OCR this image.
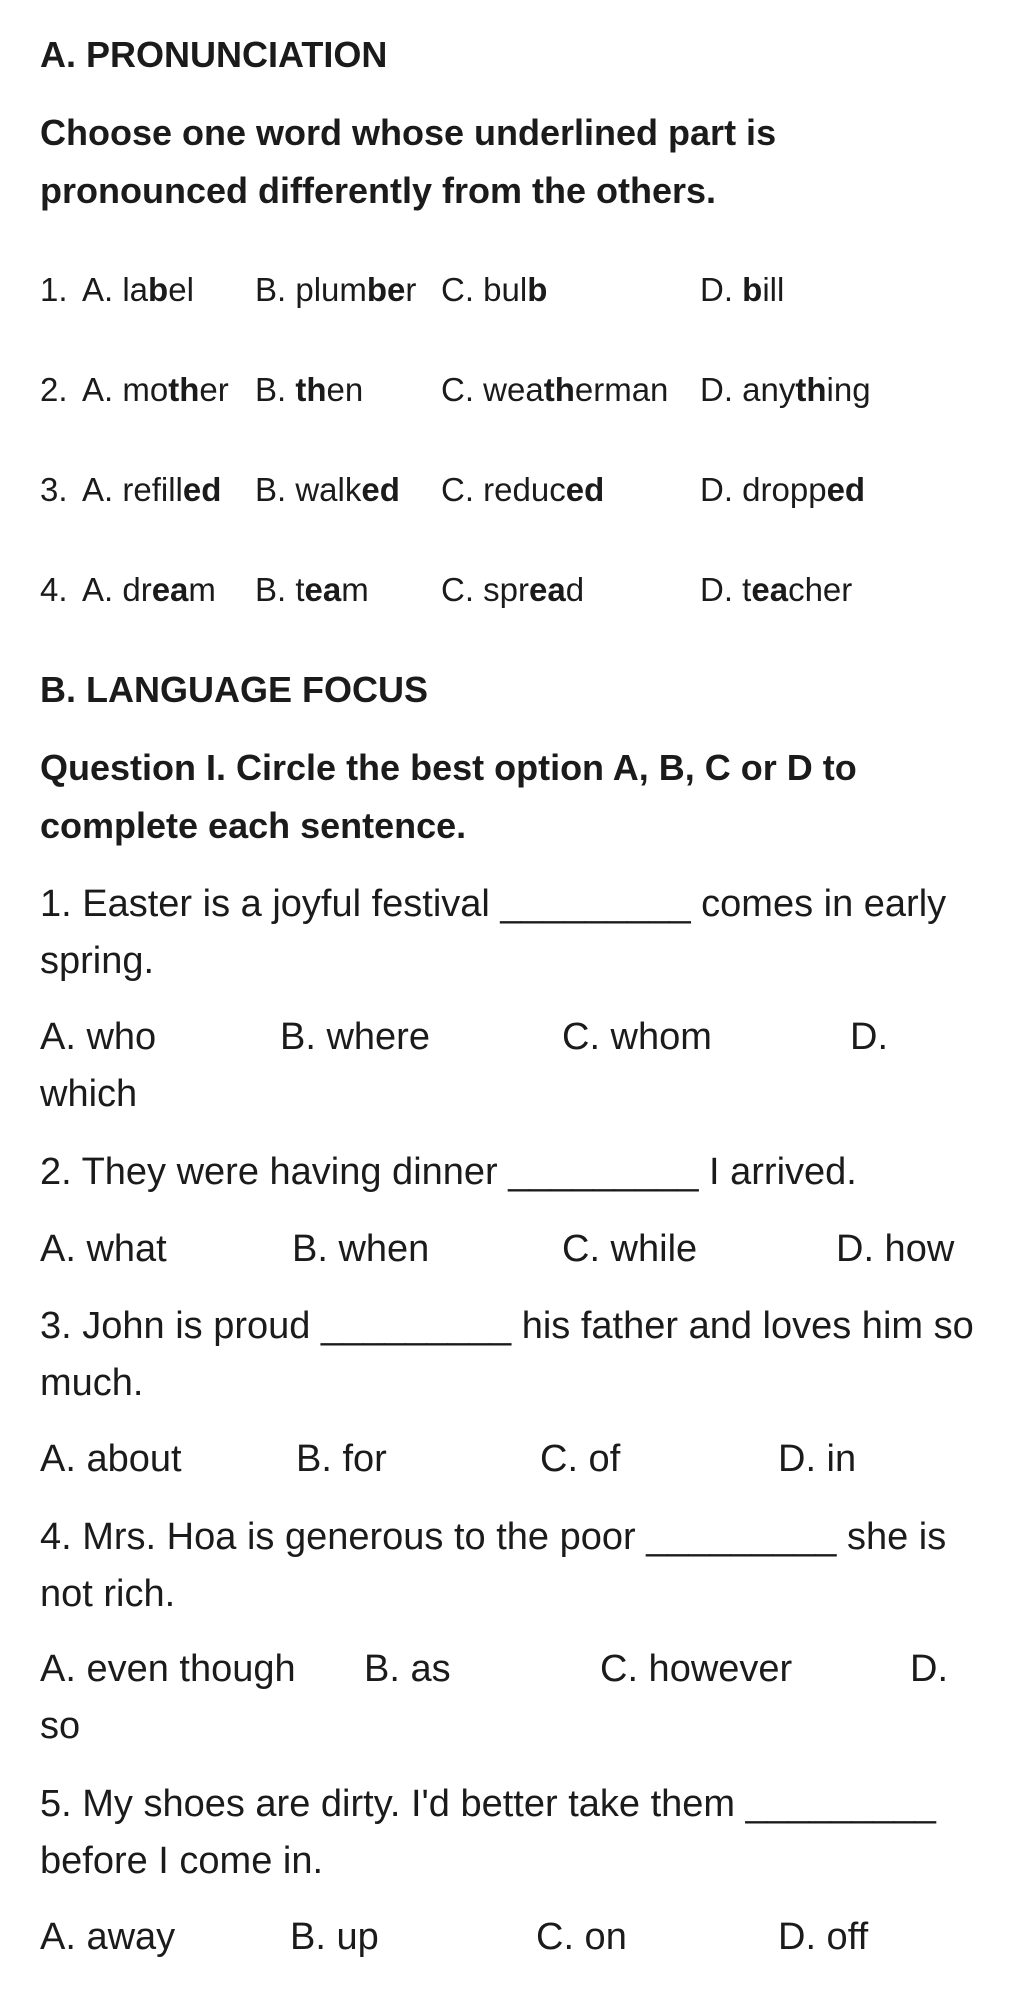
A. PRONUNCIATION
Choose one word whose underlined part is pronounced differently from the others.
1. A. label B. plumber C. bulb	D. bill
2. A. mother B. then C. weatherman D. anything
3. A. refilled B. walked C. reduced	D. dropped
4. A. dream B. team C. spread	D. teacher
B. LANGUAGE FOCUS
Question I. Circle the best option A, B, C or D to complete each sentence.
1. Easter is a joyful festival _________ comes in early spring.
A. who	B. where	C. whom	D.
which
2. They were having dinner _________ I arrived.
A. what	B. when	C. while	D. how
3. John is proud _________ his father and loves him so much.
A. about	B. for	C. of	D. in
4. Mrs. Hoa is generous to the poor _________ she is not rich.
A. even though B. as	C. however	D.
so
5. My shoes are dirty. I'd better take them _________ before I come in.
A. away	B. up	C. on	D. off
